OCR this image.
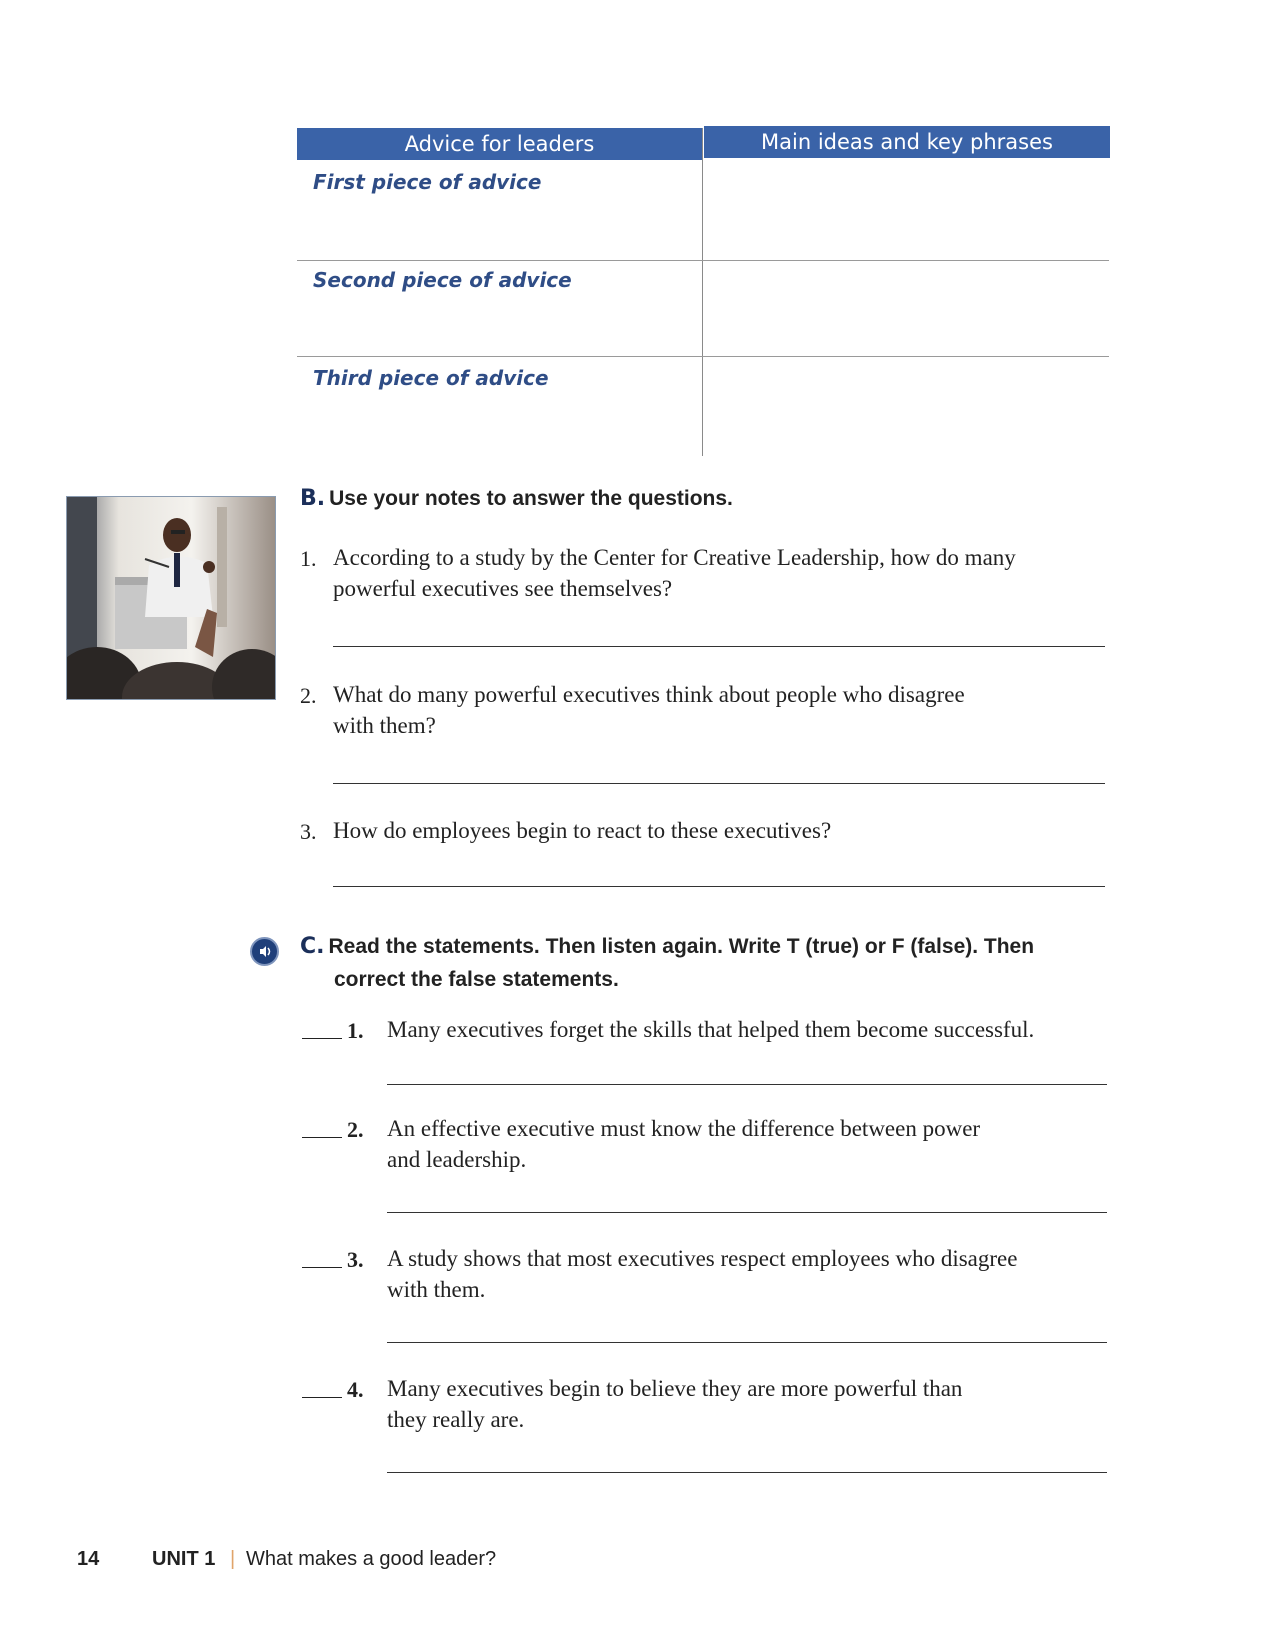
Advice for leaders	Main ideas and key phrases
First piece of advice
Second piece of advice
Third piece of advice
B. Use your notes to answer the questions.
1. According to a study by the Center for Creative Leadership, how do many
powerful executives see themselves?
2. What do many powerful executives think about people who disagree
with them?
3. How do employees begin to react to these executives?
C. Read the statements. Then listen again. Write T (true) or F (false). Then
correct the false statements.
1. Many executives forget the skills that helped them become successful.
2. An effective executive must know the difference between power
and leadership.
3. A study shows that most executives respect employees who disagree
with them.
4. Many executives begin to believe they are more powerful than
they really are.
14	UNIT 1 | What makes a good leader?
